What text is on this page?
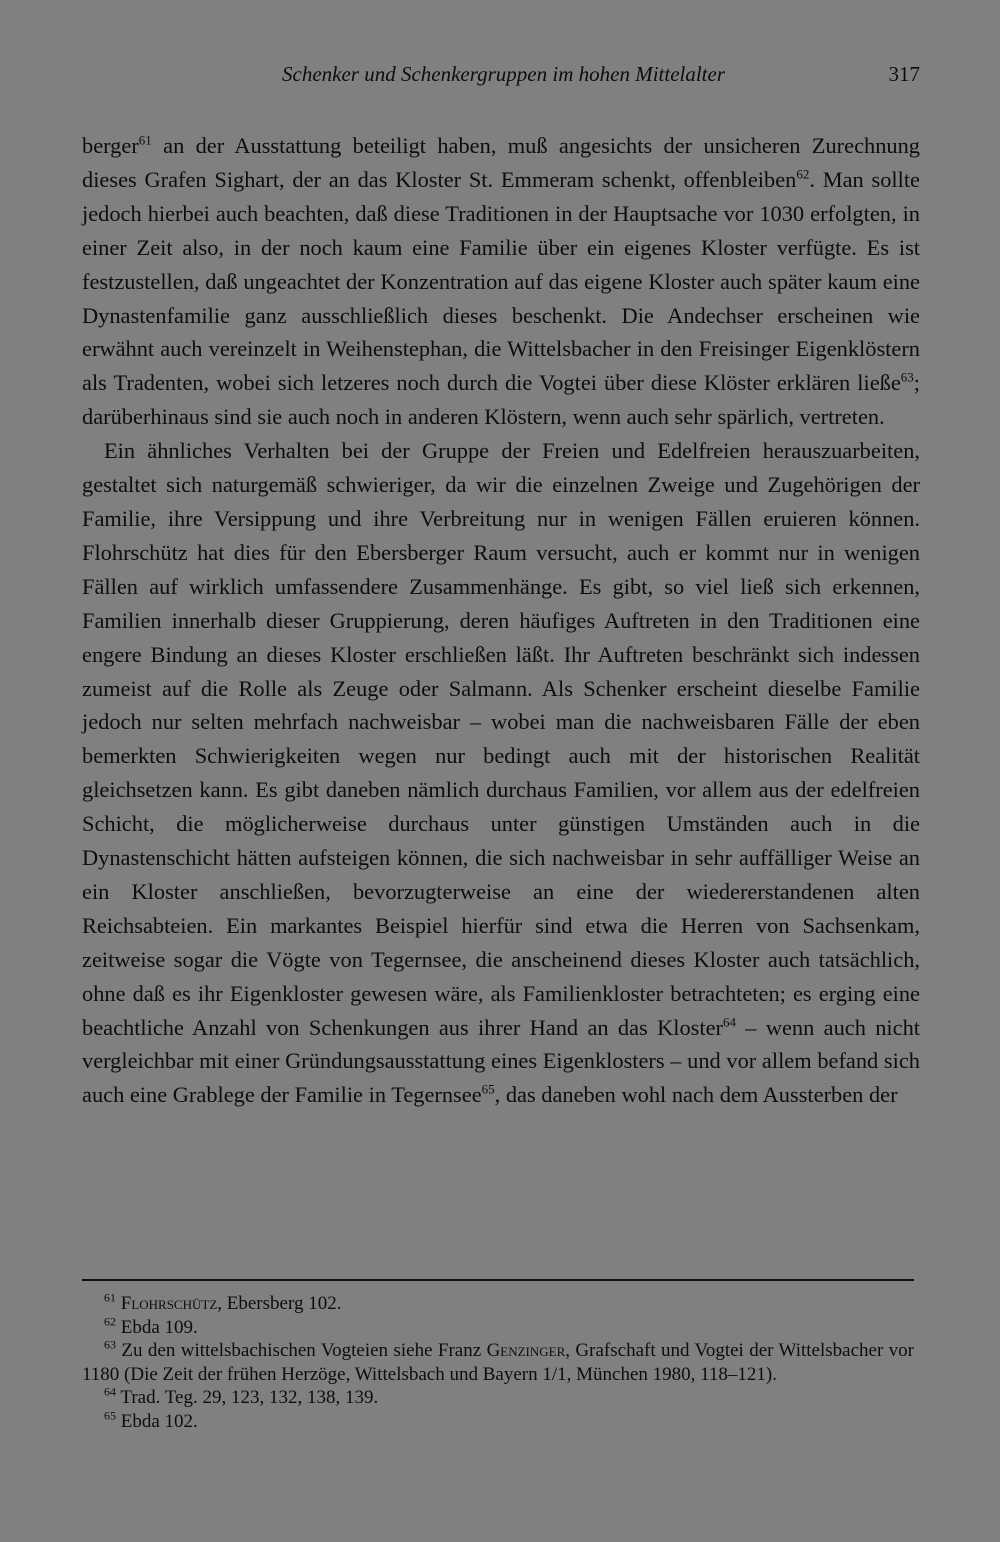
Schenker und Schenkergruppen im hohen Mittelalter	317

berger$^{61}$ an der Ausstattung beteiligt haben, muß angesichts der unsicheren Zurechnung dieses Grafen Sighart, der an das Kloster St. Emmeram schenkt, offenbleiben$^{62}$. Man sollte jedoch hierbei auch beachten, daß diese Traditionen in der Hauptsache vor 1030 erfolgten, in einer Zeit also, in der noch kaum eine Familie über ein eigenes Kloster verfügte. Es ist festzustellen, daß ungeachtet der Konzentration auf das eigene Kloster auch später kaum eine Dynastenfamilie ganz ausschließlich dieses beschenkt. Die Andechser erscheinen wie erwähnt auch vereinzelt in Weihenstephan, die Wittelsbacher in den Freisinger Eigenklöstern als Tradenten, wobei sich letzeres noch durch die Vogtei über diese Klöster erklären ließe$^{63}$; darüberhinaus sind sie auch noch in anderen Klöstern, wenn auch sehr spärlich, vertreten.

Ein ähnliches Verhalten bei der Gruppe der Freien und Edelfreien herauszuarbeiten, gestaltet sich naturgemäß schwieriger, da wir die einzelnen Zweige und Zugehörigen der Familie, ihre Versippung und ihre Verbreitung nur in wenigen Fällen eruieren können. Flohrschütz hat dies für den Ebersberger Raum versucht, auch er kommt nur in wenigen Fällen auf wirklich umfassendere Zusammenhänge. Es gibt, so viel ließ sich erkennen, Familien innerhalb dieser Gruppierung, deren häufiges Auftreten in den Traditionen eine engere Bindung an dieses Kloster erschließen läßt. Ihr Auftreten beschränkt sich indessen zumeist auf die Rolle als Zeuge oder Salmann. Als Schenker erscheint dieselbe Familie jedoch nur selten mehrfach nachweisbar – wobei man die nachweisbaren Fälle der eben bemerkten Schwierigkeiten wegen nur bedingt auch mit der historischen Realität gleichsetzen kann. Es gibt daneben nämlich durchaus Familien, vor allem aus der edelfreien Schicht, die möglicherweise durchaus unter günstigen Umständen auch in die Dynastenschicht hätten aufsteigen können, die sich nachweisbar in sehr auffälliger Weise an ein Kloster anschließen, bevorzugterweise an eine der wiedererstandenen alten Reichsabteien. Ein markantes Beispiel hierfür sind etwa die Herren von Sachsenkam, zeitweise sogar die Vögte von Tegernsee, die anscheinend dieses Kloster auch tatsächlich, ohne daß es ihr Eigenkloster gewesen wäre, als Familienkloster betrachteten; es erging eine beachtliche Anzahl von Schenkungen aus ihrer Hand an das Kloster$^{64}$ – wenn auch nicht vergleichbar mit einer Gründungsausstattung eines Eigenklosters – und vor allem befand sich auch eine Grablege der Familie in Tegernsee$^{65}$, das daneben wohl nach dem Aussterben der

$^{61}$ Flohrschütz, Ebersberg 102.
$^{62}$ Ebda 109.
$^{63}$ Zu den wittelsbachischen Vogteien siehe Franz Genzinger, Grafschaft und Vogtei der Wittelsbacher vor 1180 (Die Zeit der frühen Herzöge, Wittelsbach und Bayern 1/1, München 1980, 118–121).
$^{64}$ Trad. Teg. 29, 123, 132, 138, 139.
$^{65}$ Ebda 102.
